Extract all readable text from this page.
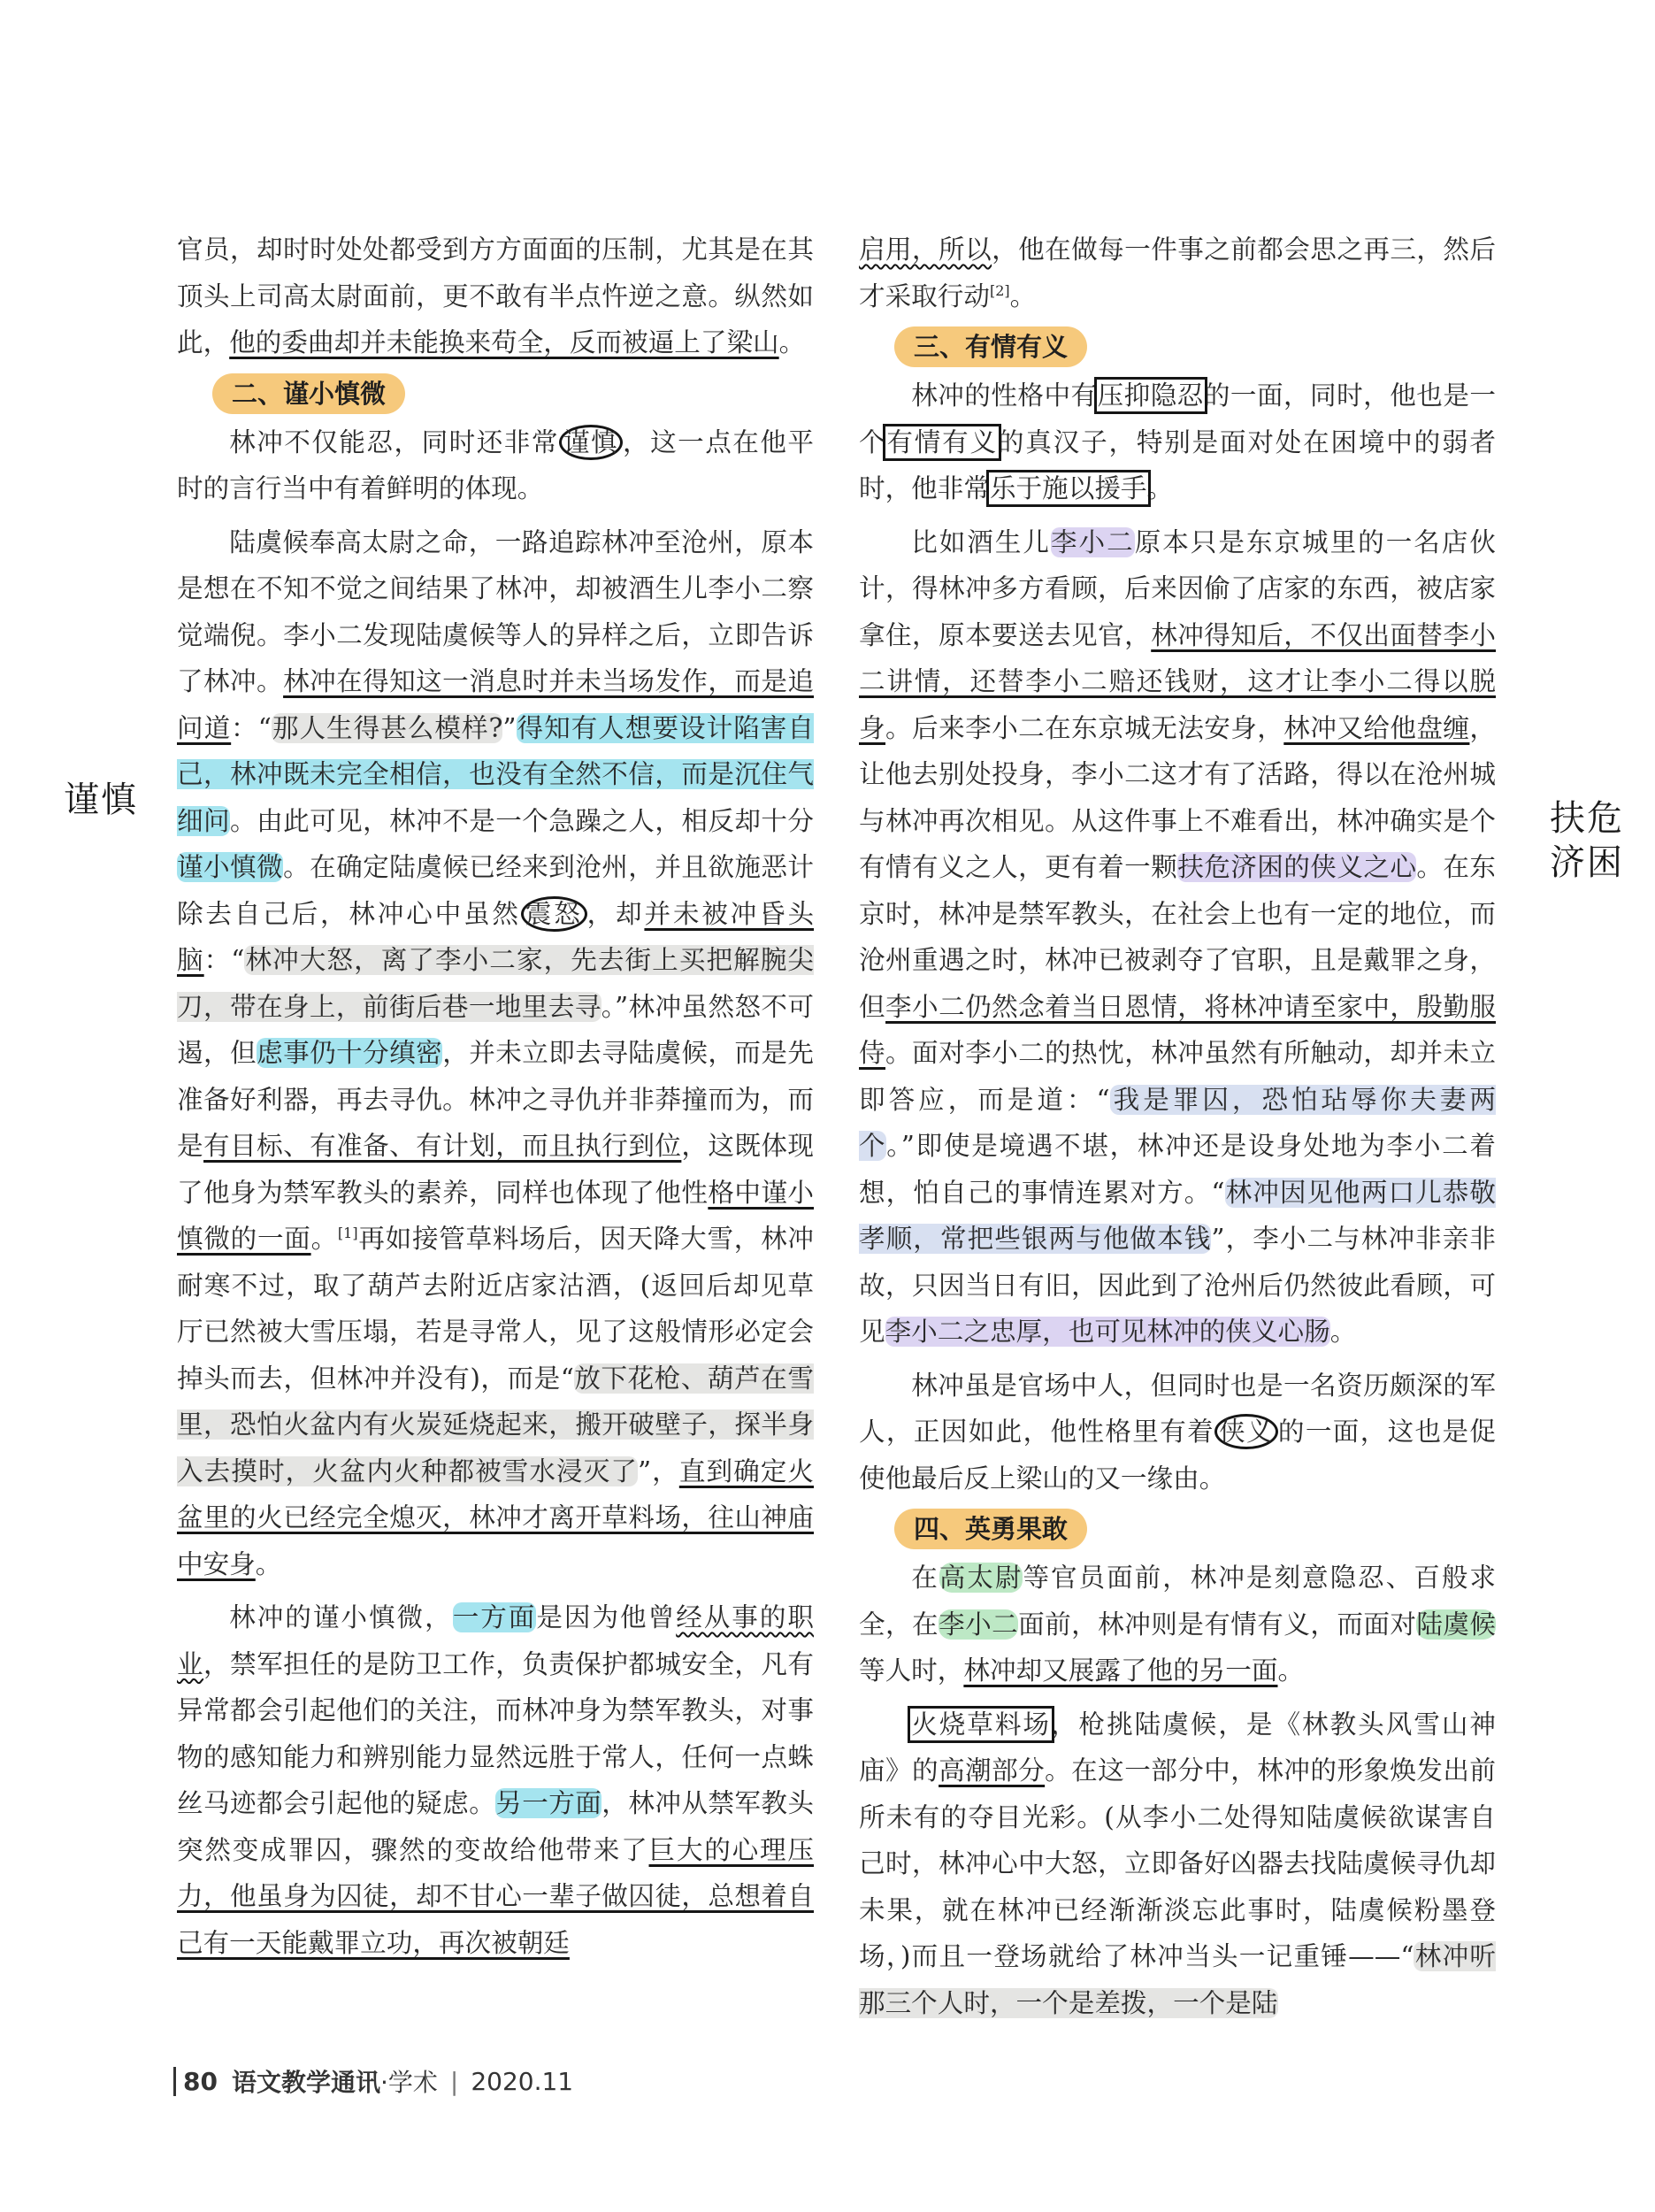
谨慎	扶危
济困

官员，却时时处处都受到方方面面的压制，尤其是在其顶头上司高太尉面前，更不敢有半点忤逆之意。纵然如此，他的委曲却并未能换来苟全，反而被逼上了梁山。

二、谨小慎微

林冲不仅能忍，同时还非常 谨慎 ，这一点在他平时的言行当中有着鲜明的体现。

陆虞候奉高太尉之命，一路追踪林冲至沧州，原本是想在不知不觉之间结果了林冲，却被酒生儿李小二察觉端倪。李小二发现陆虞候等人的异样之后，立即告诉了林冲。林冲在得知这一消息时并未当场发作，而是追问道：“那人生得甚么模样?”得知有人想要设计陷害自己，林冲既未完全相信，也没有全然不信，而是沉住气细问。由此可见，林冲不是一个急躁之人，相反却十分谨小慎微。在确定陆虞候已经来到沧州，并且欲施恶计除去自己后，林冲心中虽然 震怒 ，却并未被冲昏头脑：“林冲大怒，离了李小二家，先去街上买把解腕尖刀，带在身上，前街后巷一地里去寻。”林冲虽然怒不可遏，但虑事仍十分缜密，并未立即去寻陆虞候，而是先准备好利器，再去寻仇。林冲之寻仇并非莽撞而为，而是有目标、有准备、有计划，而且执行到位，这既体现了他身为禁军教头的素养，同样也体现了他性格中谨小慎微的一面。[1]再如接管草料场后，因天降大雪，林冲耐寒不过，取了葫芦去附近店家沽酒，(返回后却见草厅已然被大雪压塌，若是寻常人，见了这般情形必定会掉头而去，但林冲并没有)，而是“放下花枪、葫芦在雪里，恐怕火盆内有火炭延烧起来，搬开破壁子，探半身入去摸时，火盆内火种都被雪水浸灭了”，直到确定火盆里的火已经完全熄灭，林冲才离开草料场，往山神庙中安身。

林冲的谨小慎微，一方面是因为他曾经从事的职业，禁军担任的是防卫工作，负责保护都城安全，凡有异常都会引起他们的关注，而林冲身为禁军教头，对事物的感知能力和辨别能力显然远胜于常人，任何一点蛛丝马迹都会引起他的疑虑。另一方面，林冲从禁军教头突然变成罪囚，骤然的变故给他带来了巨大的心理压力，他虽身为囚徒，却不甘心一辈子做囚徒，总想着自己有一天能戴罪立功，再次被朝廷

启用，所以，他在做每一件事之前都会思之再三，然后才采取行动[2]。

三、有情有义

林冲的性格中有压抑隐忍的一面，同时，他也是一个有情有义的真汉子，特别是面对处在困境中的弱者时，他非常乐于施以援手。

比如酒生儿李小二原本只是东京城里的一名店伙计，得林冲多方看顾，后来因偷了店家的东西，被店家拿住，原本要送去见官，林冲得知后，不仅出面替李小二讲情，还替李小二赔还钱财，这才让李小二得以脱身。后来李小二在东京城无法安身，林冲又给他盘缠，让他去别处投身，李小二这才有了活路，得以在沧州城与林冲再次相见。从这件事上不难看出，林冲确实是个有情有义之人，更有着一颗扶危济困的侠义之心。在东京时，林冲是禁军教头，在社会上也有一定的地位，而沧州重遇之时，林冲已被剥夺了官职，且是戴罪之身，但李小二仍然念着当日恩情，将林冲请至家中，殷勤服侍。面对李小二的热忱，林冲虽然有所触动，却并未立即答应，而是道：“我是罪囚，恐怕玷辱你夫妻两个。”即使是境遇不堪，林冲还是设身处地为李小二着想，怕自己的事情连累对方。“林冲因见他两口儿恭敬孝顺，常把些银两与他做本钱”，李小二与林冲非亲非故，只因当日有旧，因此到了沧州后仍然彼此看顾，可见李小二之忠厚，也可见林冲的侠义心肠。

林冲虽是官场中人，但同时也是一名资历颇深的军人，正因如此，他性格里有着 侠义 的一面，这也是促使他最后反上梁山的又一缘由。

四、英勇果敢

在高太尉等官员面前，林冲是刻意隐忍、百般求全，在李小二面前，林冲则是有情有义，而面对陆虞候等人时，林冲却又展露了他的另一面。

火烧草料场，枪挑陆虞候，是《林教头风雪山神庙》的高潮部分。在这一部分中，林冲的形象焕发出前所未有的夺目光彩。(从李小二处得知陆虞候欲谋害自己时，林冲心中大怒，立即备好凶器去找陆虞候寻仇却未果，就在林冲已经渐渐淡忘此事时，陆虞候粉墨登场，)而且一登场就给了林冲当头一记重锤——“林冲听那三个人时，一个是差拨，一个是陆

80 语文教学通讯 ·学术 | 2020.11
